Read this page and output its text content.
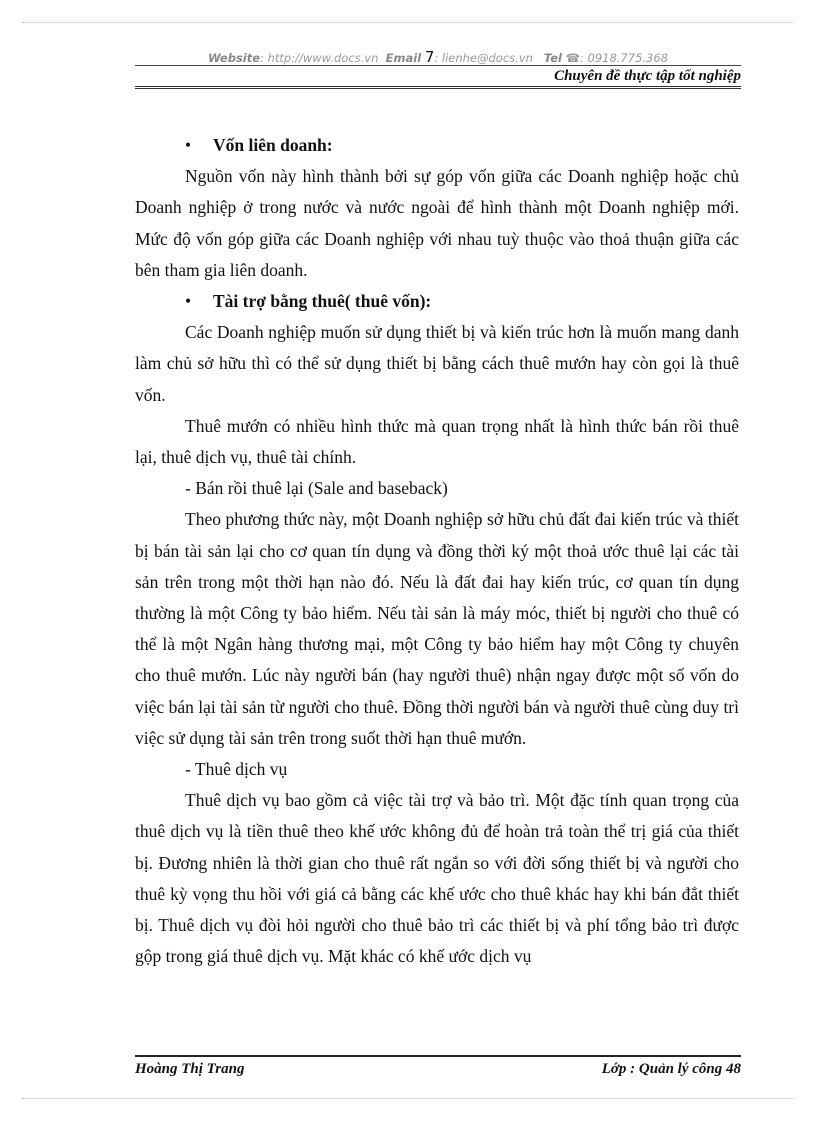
Website: http://www.docs.vn Email 7: lienhe@docs.vn Tel ☎: 0918.775.368
Chuyên đề thực tập tốt nghiệp

• Vốn liên doanh:

Nguồn vốn này hình thành bởi sự góp vốn giữa các Doanh nghiệp hoặc chủ Doanh nghiệp ở trong nước và nước ngoài để hình thành một Doanh nghiệp mới. Mức độ vốn góp giữa các Doanh nghiệp với nhau tuỳ thuộc vào thoả thuận giữa các bên tham gia liên doanh.

• Tài trợ bằng thuê( thuê vốn):

Các Doanh nghiệp muốn sử dụng thiết bị và kiến trúc hơn là muốn mang danh làm chủ sở hữu thì có thể sử dụng thiết bị bằng cách thuê mướn hay còn gọi là thuê vốn.

Thuê mướn có nhiều hình thức mà quan trọng nhất là hình thức bán rồi thuê lại, thuê dịch vụ, thuê tài chính.

- Bán rồi thuê lại (Sale and baseback)

Theo phương thức này, một Doanh nghiệp sở hữu chủ đất đai kiến trúc và thiết bị bán tài sản lại cho cơ quan tín dụng và đồng thời ký một thoả ước thuê lại các tài sản trên trong một thời hạn nào đó. Nếu là đất đai hay kiến trúc, cơ quan tín dụng thường là một Công ty bảo hiểm. Nếu tài sản là máy móc, thiết bị người cho thuê có thể là một Ngân hàng thương mại, một Công ty bảo hiểm hay một Công ty chuyên cho thuê mướn. Lúc này người bán (hay người thuê) nhận ngay được một số vốn do việc bán lại tài sản từ người cho thuê. Đồng thời người bán và người thuê cùng duy trì việc sử dụng tài sản trên trong suốt thời hạn thuê mướn.

- Thuê dịch vụ

Thuê dịch vụ bao gồm cả việc tài trợ và bảo trì. Một đặc tính quan trọng của thuê dịch vụ là tiền thuê theo khế ước không đủ để hoàn trả toàn thể trị giá của thiết bị. Đương nhiên là thời gian cho thuê rất ngắn so với đời sống thiết bị và người cho thuê kỳ vọng thu hồi với giá cả bằng các khế ước cho thuê khác hay khi bán đắt thiết bị. Thuê dịch vụ đòi hỏi người cho thuê bảo trì các thiết bị và phí tổng bảo trì được gộp trong giá thuê dịch vụ. Mặt khác có khế ước dịch vụ

Hoàng Thị Trang	Lớp : Quản lý công 48
